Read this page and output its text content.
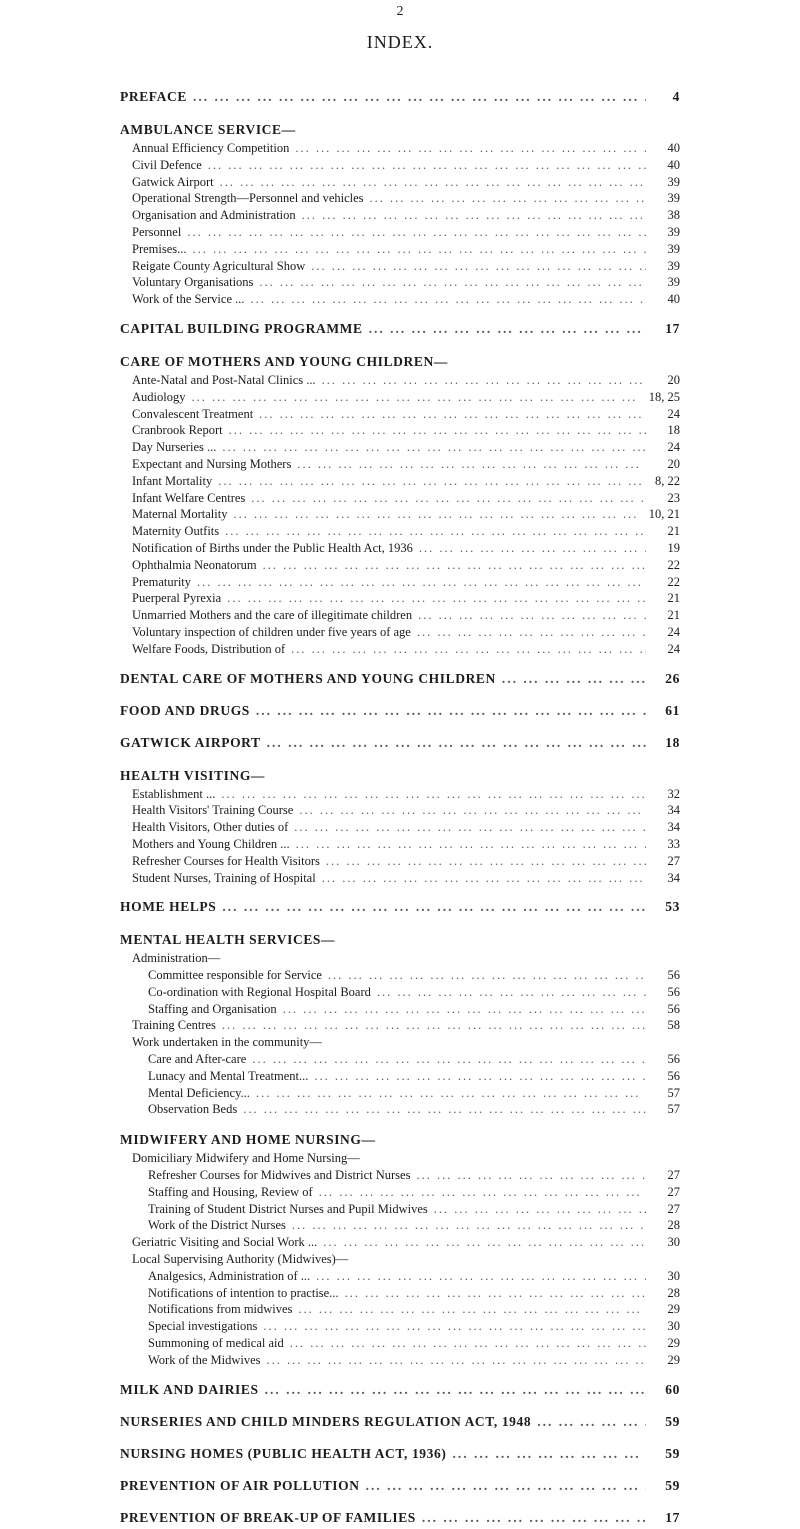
2
INDEX.
PREFACE ... .	4
AMBULANCE SERVICE—
Annual Efficiency Competition ... .	40
Civil Defence ... .	40
Gatwick Airport ... .	39
Operational Strength—Personnel and vehicles ... .	39
Organisation and Administration ... .	38
Personnel ... .	39
Premises... ... .	39
Reigate County Agricultural Show ... .	39
Voluntary Organisations ... .	39
Work of the Service ... ... .	40
CAPITAL BUILDING PROGRAMME ... .	17
CARE OF MOTHERS AND YOUNG CHILDREN—
Ante-Natal and Post-Natal Clinics ... ... .	20
Audiology ... .	18, 25
Convalescent Treatment ... .	24
Cranbrook Report ... .	18
Day Nurseries ... ... .	24
Expectant and Nursing Mothers ... .	20
Infant Mortality ... .	8, 22
Infant Welfare Centres ... .	23
Maternal Mortality ... .	10, 21
Maternity Outfits ... .	21
Notification of Births under the Public Health Act, 1936 ... .	19
Ophthalmia Neonatorum ... .	22
Prematurity ... .	22
Puerperal Pyrexia ... .	21
Unmarried Mothers and the care of illegitimate children ... .	21
Voluntary inspection of children under five years of age ... .	24
Welfare Foods, Distribution of ... .	24
DENTAL CARE OF MOTHERS AND YOUNG CHILDREN ... .	26
FOOD AND DRUGS ... .	61
GATWICK AIRPORT ... .	18
HEALTH VISITING—
Establishment ... ... .	32
Health Visitors' Training Course ... .	34
Health Visitors, Other duties of ... .	34
Mothers and Young Children ... ... .	33
Refresher Courses for Health Visitors ... .	27
Student Nurses, Training of Hospital ... .	34
HOME HELPS ... .	53
MENTAL HEALTH SERVICES—
Administration—
Committee responsible for Service ... .	56
Co-ordination with Regional Hospital Board ... .	56
Staffing and Organisation ... .	56
Training Centres ... .	58
Work undertaken in the community—
Care and After-care ... .	56
Lunacy and Mental Treatment... ... .	56
Mental Deficiency... ... .	57
Observation Beds ... .	57
MIDWIFERY AND HOME NURSING—
Domiciliary Midwifery and Home Nursing—
Refresher Courses for Midwives and District Nurses ... .	27
Staffing and Housing, Review of ... .	27
Training of Student District Nurses and Pupil Midwives ... .	27
Work of the District Nurses ... .	28
Geriatric Visiting and Social Work ... ... .	30
Local Supervising Authority (Midwives)—
Analgesics, Administration of ... ... .	30
Notifications of intention to practise... ... .	28
Notifications from midwives ... .	29
Special investigations ... .	30
Summoning of medical aid ... .	29
Work of the Midwives ... .	29
MILK AND DAIRIES ... .	60
NURSERIES AND CHILD MINDERS REGULATION ACT, 1948 ... .	59
NURSING HOMES (PUBLIC HEALTH ACT, 1936) ... .	59
PREVENTION OF AIR POLLUTION ... .	59
PREVENTION OF BREAK-UP OF FAMILIES ... .	17
